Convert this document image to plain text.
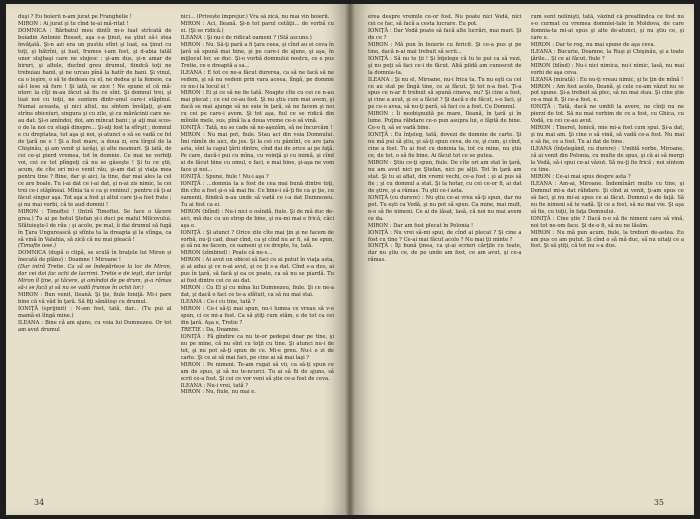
duşi ? Eu boierii n-am jurat pe Franghelie !

MIRON : Ai jurat şi tu cînd te-ai mă-ritat !

DOMNICA : Bărbatul meu dintîi m-o luat strîcată de boiadin Antonie Rosset, aşa s-a ţinut, ea ştiut să-i stea învăţată. Şi-n azi era un pustiu sfînt şi luat, ea ţinut cu toţi, şi bătrîni, şi luat, frumos i-am fost, şi d-abia tatăl unor slujbaşi care ne slujesc ; şi-am dus, şi-n amar de biruri, şi altele, ducînd greu drumul, fiindcă toţi ne trebuiau banii, şi ne urcau pînă la hatîr de bani. Şi vinul, ca o ieşire, o să te dedeau cu el, ne dedea şi la femeie, ca să-l lese să fure ! Şi iată, se zice ! Ne spune el că mă-ntorc la cîţi m-au făcut să fiu ce sînt. Şi domnul trei, şi luat noi cu toţii, ne suntem dintr-unul care-i stăpînul. Numai aceasta, şi nici altul, nu sîntem învăţaţi, şi-am strîns obiceiuri, singura şi cu zile, şi cu mărăcinii care ne-au dat. Şi-o amîndoi, doi, am mîncat bani ; şi aţi mai scos-o de la noi cu slugă dinspre... Şi-aţi fost la sfîrşit ; domnul e cu dreptatea, tot aşa şi noi, şi-atunci o să se vadă ce fel de ţară ne e ! Şi a fost mare, a doua zi, era tîrgul de la Chişinău, şi am venit şi iarăşi, şi alte neamuri. Şi iată, de cei ce-şi pierd vremea, tot în domnie. Ce mai ne vorbiţi voi, cei ce tot plîngeţi că nu se găseşte ! Şi tu ce ştii, acum, de cîte ori mi-o venit rău, şi-am dat şi viaţa mea pentru tine ? Bine, dar şi aici, la tine, dar mai ales la cel ce are boale. Tu i-ai dat ce i-ai dat, şi n-ai zis nimic, la cei trei ce-i stăpîneai. Mînia ta e ca şi veninul ; pentru că ţi-ai făcut singur aşa. Tot aşa a fost şi altul care ţi-a fost frate ; şi nu mai vorbi, că te aud domnii !

MIRON : Timoftei ! (Intră Timoftei. Se face o tăcere grea.) Tu ai pe hotul Ştefan şi-i duci pe malul Milcovului. Sfătuieşte-l de rău ; şi acolo, pe mal, îi dai drumul să fugă în Ţara Ungurească şi sfînta ta la dreapta şi la stînga, ca să vină în Valahia, să zică că nu mai pleacă !

(Timofte iese.)

DOMNICA (după o clipă, se sculă în braţele lui Miron și înecată de plâns) : Doamne ! Miroane !

(Dar intră Tretie. Ca să se îndepărteze la loc de Miron, dar cei doi fac ochi de lacrimi. Tretie e de ieşit, dar iarăşi Miron îl ţine, şi tăcere, şi amîndoi de pe drum, şi-a rămas să-i se facă şi să nu se vadă frumos în ochii lor.)

MIRON : Bun venit, Ileană. Şi ţie, fiule Ioniţă. Mi-i pare bine că vă văd în ţară. Să fiţi sănătoşi cu drumul.

IONIŢĂ (sprijinit) : N-am fost, tată, dar... (Tu pui al mamă-ei lîngă mine.)

ILEANA : Bine că am ajuns, cu voia lui Dumnezeu. Or tot am avut drumul

nici... (Privește împrejur.) Vra să zică, nu mai vin boierii.

MIRON : Aci, Ileană. Şi-n tot parul cetăţii... de vorbă cu ei. (Şi se ridică.)

ILEANA : Şi nu-i de ridicat oameni ? (Stă ascuns.)

MIRON : Nu. Să-ţi pară a fi ţara ceea, şi cînd au ei ceva în ţară să spună mai bine, şi pe care-i de ajuns, şi aşa, în mijlocul lor, se duc. Şi-o vorbă domnului nostru, ce e pus Tretie, ce e dreaptă a sa...

ILEANA : E tot ce ne-a făcut durerea, ca să ne facă să ne vedem, şi să nu vedem prin vara aceea, lîngă, pe domnie ce nu-i la locul ei !

MIRON : Ei şi ce să ne fie tată. Noapte cîte cu cei ce n-au mai plecat ; cu cei ce-au fost. Şi nu ştiu cum mai avem, şi dacă se mai ajunge să ne suie în ţară, să ne facem şi noi cu cei pe care-i avem. Şi tot aşa, fiul ce se ridică din mîinile mele, sus, pînă la a doua vreme ce-o să vină.

IONIŢĂ : Tată, nu se cade să ne-aşezăm, să ne încurcăm !

MIRON : Nu mai pot, fiule. Stau aci din voia Domnului. Îmi rămîn de aici, de jos. Şi la cei cu pămînt, ce are ţara asta, sînt la capul ţării dintre, cînd dai de orice ai pe faţă. Pe care, dacă-i pui cu mîna, cu voinţă şi cu inimă, şi cînd ai de făcut bine cu omul, o faci, e mai bine, şi-aşa ne vom face şi noi...

IONIŢĂ : Spune, fiule ! Nu-i aşa ?

IONIŢĂ : ...domnia ta a fost de cea mai bună dintre toţi, din cîte a fost şi-o să mai fie. Ce bine-i să-ţi fie ca şi ţie, cu oamenii, fiindcă n-au unde să vadă ce i-a dat Dumnezeu. Tu ai fost ca ei.

MIRON (blînd) : Nu-i nici o osîndă, fiule. Şi de mă duc de-aici, mă duc cu un strop de bine, şi nu-mi mai e frică, căci aşa e.

IONIŢĂ : Şi atunci ? Orice zile cîte mai ţin şi ne facem de vorbă, nu-ţi cad, doar cînd, ca şi cînd nu ar fi, să ne spun, şi să nu ne facem, ce oameni şi ce drepte, tu, tată.

MIRON (zîmbind) : Poate că nu-s...

MIRON : Ai avut un obicei să faci ce ai putut în viaţa asta, şi ai adus şi ce n-ai avut, şi ce ţi s-a dat. Cînd s-a dus, ai pus în ţară, să facă şi ea ce poate, ca să nu se piardă. Tu ai fost dintre cei ce au dat.

MIRON : Cu El şi cu mîna lui Dumnezeu, fiule. Şi ce ne-a dat, şi dacă o faci ce te-a sfătuit, ca să nu mai stai.

ILEANA : Ce-i cu tine, tată ?

MIRON : Ce-i să-ţi mai spun, nu-i lumea ce vreau să v-o spun, ci ce mi-a fost. Ca să ştiţi cum stăm, e de tot ca cei din ţară. Aşa e, Tretie ?

TRETIE : Da, Doamne.

IONIŢĂ : Fă gîndire ca nu te-or pedepsi doar pe tine, şi nu pe mine, că nu sînt cu toţii cu tine. Şi atunci nu-i de tot, şi nu pot să-ţi spun de ce. Mi-e greu. Nu-i o zi de carte. Şi ce ai să mai faci, pe cine ai să mai laşi ?

MIRON : Pe nimeni. Te-am rugat să vii, ca să-ţi spun ce am de spus, şi să nu te-ncurci. Tu ai să fii de ajuns, să scrii ce-a fost. Şi cei ce vor veni să ştie ce-a fost de ceva.

ILEANA : Nu-i vrei, tată ?

MIRON : Nu, fiule, nu mai e.

34

erea despre vremile ce-or fost. Nu poate nici Vodă, nici cei ce fac, să facă a cesta lucrare. Eu pot.

IONIŢĂ : Dar Vodă poate să facă alte lucrări, mai mari. Şi de ce ?

MIRON : Mă pun în boierie cu fericit. Şi ce-a pus şi pe tine, dacă n-ai mai trebuit să scrii...

IONIŢĂ : Să nu te ţii ! Şi înţelege că tu te pui ca să vezi, şi nu poţi să faci ce-i de făcut. Altă pildă am cunoscut de la domnia-ta.

ILEANA : Şi nu el, Miroane, nu-i frica ta. Tu nu eşti ca cei ce au stat pe lîngă tine, ce ai făcut. Şi tot n-a fost. Ţi-a spus ce n-ar fi trebuit să spună cineva, nu? Şi cine a fost, şi cine a avut, şi ce a făcut ? Şi dacă e de făcut, s-o faci, şi pe ce-o avea, să nu-ţi pară, să faci ce a fost. Cu Domnul.

MIRON : Îi neobişnuită pe mare, Ileană, în ţară şi în lume. Puţina răbdare ce-o pun asupra lui, e făptă de bine. Ce-o fi, să se vadă bine.

IONIŢĂ : Eu înţeleg, tată, dovezi de domnie de carte. Şi nu mă pui să ştiu, şi să-ţi spun ceva, de ce, şi cum, şi cînd, cine a fost. Tu ai fost cu domnia ta, tot cu mine, nu ştiu ce, de tot, o să fie bine. Ai făcut tot ce se putea.

MIRON : Ştiu ce-ţi spun, fiule. De cîte ori am stat în ţară, nu am avut nici pe Ştefan, nici pe alţii. Tot în ţară am stat. Şi tu ai aflat, din vremi vechi, ce-a fost ; şi ai pus să fie ; şi cu domnul a stat. Şi la hotar, cu cei ce-or fi, ai dat de ştire, şi a rămas. Tu ştii ce-i asta.

IONIŢĂ (cu durere) : Nu ştiu ce-ai vrea să-ţi spun, dar nu pot. Tu eşti ca Vodă, şi nu pot să spun. Ca mine, mai mult, n-o să fie nimeni. Ce ai de lăsat, lasă, că noi nu mai avem ce da.

MIRON : Dar am fost plecat în Polonia !

IONIŢĂ : Nu vrei să-mi spui, de cînd ai plecat ? Şi cine a fost cu tine ? Ce-ai mai făcut acolo ? Nu mai ţii minte ?

IONIŢĂ : Îţi bună ţinea, ca şi-ai scrieri cărţile cu toate, dar nu ştiu ce, de pe unde am fost, ce am avut, şi ce-a rămas.

cum sunt nelinişti, tată, văzînd că preafiindca ce fost nu s-o curmat cu vremea domniei-tale în Moldova, de care domnia-ta mi-ai spus şi alte de-atunci, şi nu ştiu ce, şi care e.

MIRON : Dar te rog, nu mai spune de aşa ceva.

ILEANA : Bucurie, Doamne, la Ruşi şi Chişinău, şi a toate ţările... Şi ce ai făcut, fiule ?

MIRON (blînd) : Nu-i nici nimica, nu-i nimic, lasă, nu mai vorbi de aşa ceva.

ILEANA (mirată) : Eu nu-ţi vreau nimic, şi te ţin de mînă !

MIRON : Am fost acolo, Ileană, şi cele ce-am văzut nu se pot spune. Şi-a trebuit să plec, să nu mai stau. Şi cine ştie ce-a mai fi. Şi ce-a fost, e.

IONIŢĂ : Tată, dacă ne umbli la avere, ne cînţi nu ne pierzi de tot. Să nu mai vorbim de ce a fost, cu Ghica, cu Vodă, cu cei ce-au avut.

MIRON : Tinerel, Ionică, mie mi-a fost cum spui. Şi-a dat, şi nu mai am. Şi cine o să vină, să vadă ce-a fost. Nu mai e să fie, ce a fost. Tu ai dat de bine.

ILEANA (înţelegând, cu durere) : Umblă vorbe, Miroane, că ai venit din Polonia, cu multe de spus, şi că ai să mergi la Vodă, să-i spui ce-ai văzut. Să nu-ţi fie frică ; noi sîntem cu tine.

MIRON : Ce-ai mai spus despre asta ?

ILEANA : Am-ai, Miroane. Îndemînări multe cu tine, şi Domnul mi-a dat răbdare. Şi cînd ai venit, ţi-am spus ce să faci, şi nu mi-ai spus ce ai făcut. Domnul e de faţă. Să nu fie nimeni să te vadă. Şi ce a fost, să nu mai vie. Şi aşa să fie, cu toţii, în faţa Domnului.

IONIŢĂ : Cine ştie ? Dacă n-o să fie nimeni care să vină, noi tot ne-om face. Şi de-o fi, să nu ne lăsăm.

MIRON : Nu mă pun acum, fiule, la treburi de-astea. Eu am pus ce am putut. Şi cînd o să mă duc, să nu uitaţi ce a fost. Şi să ştiţi, că tot nu s-a dus.

35
